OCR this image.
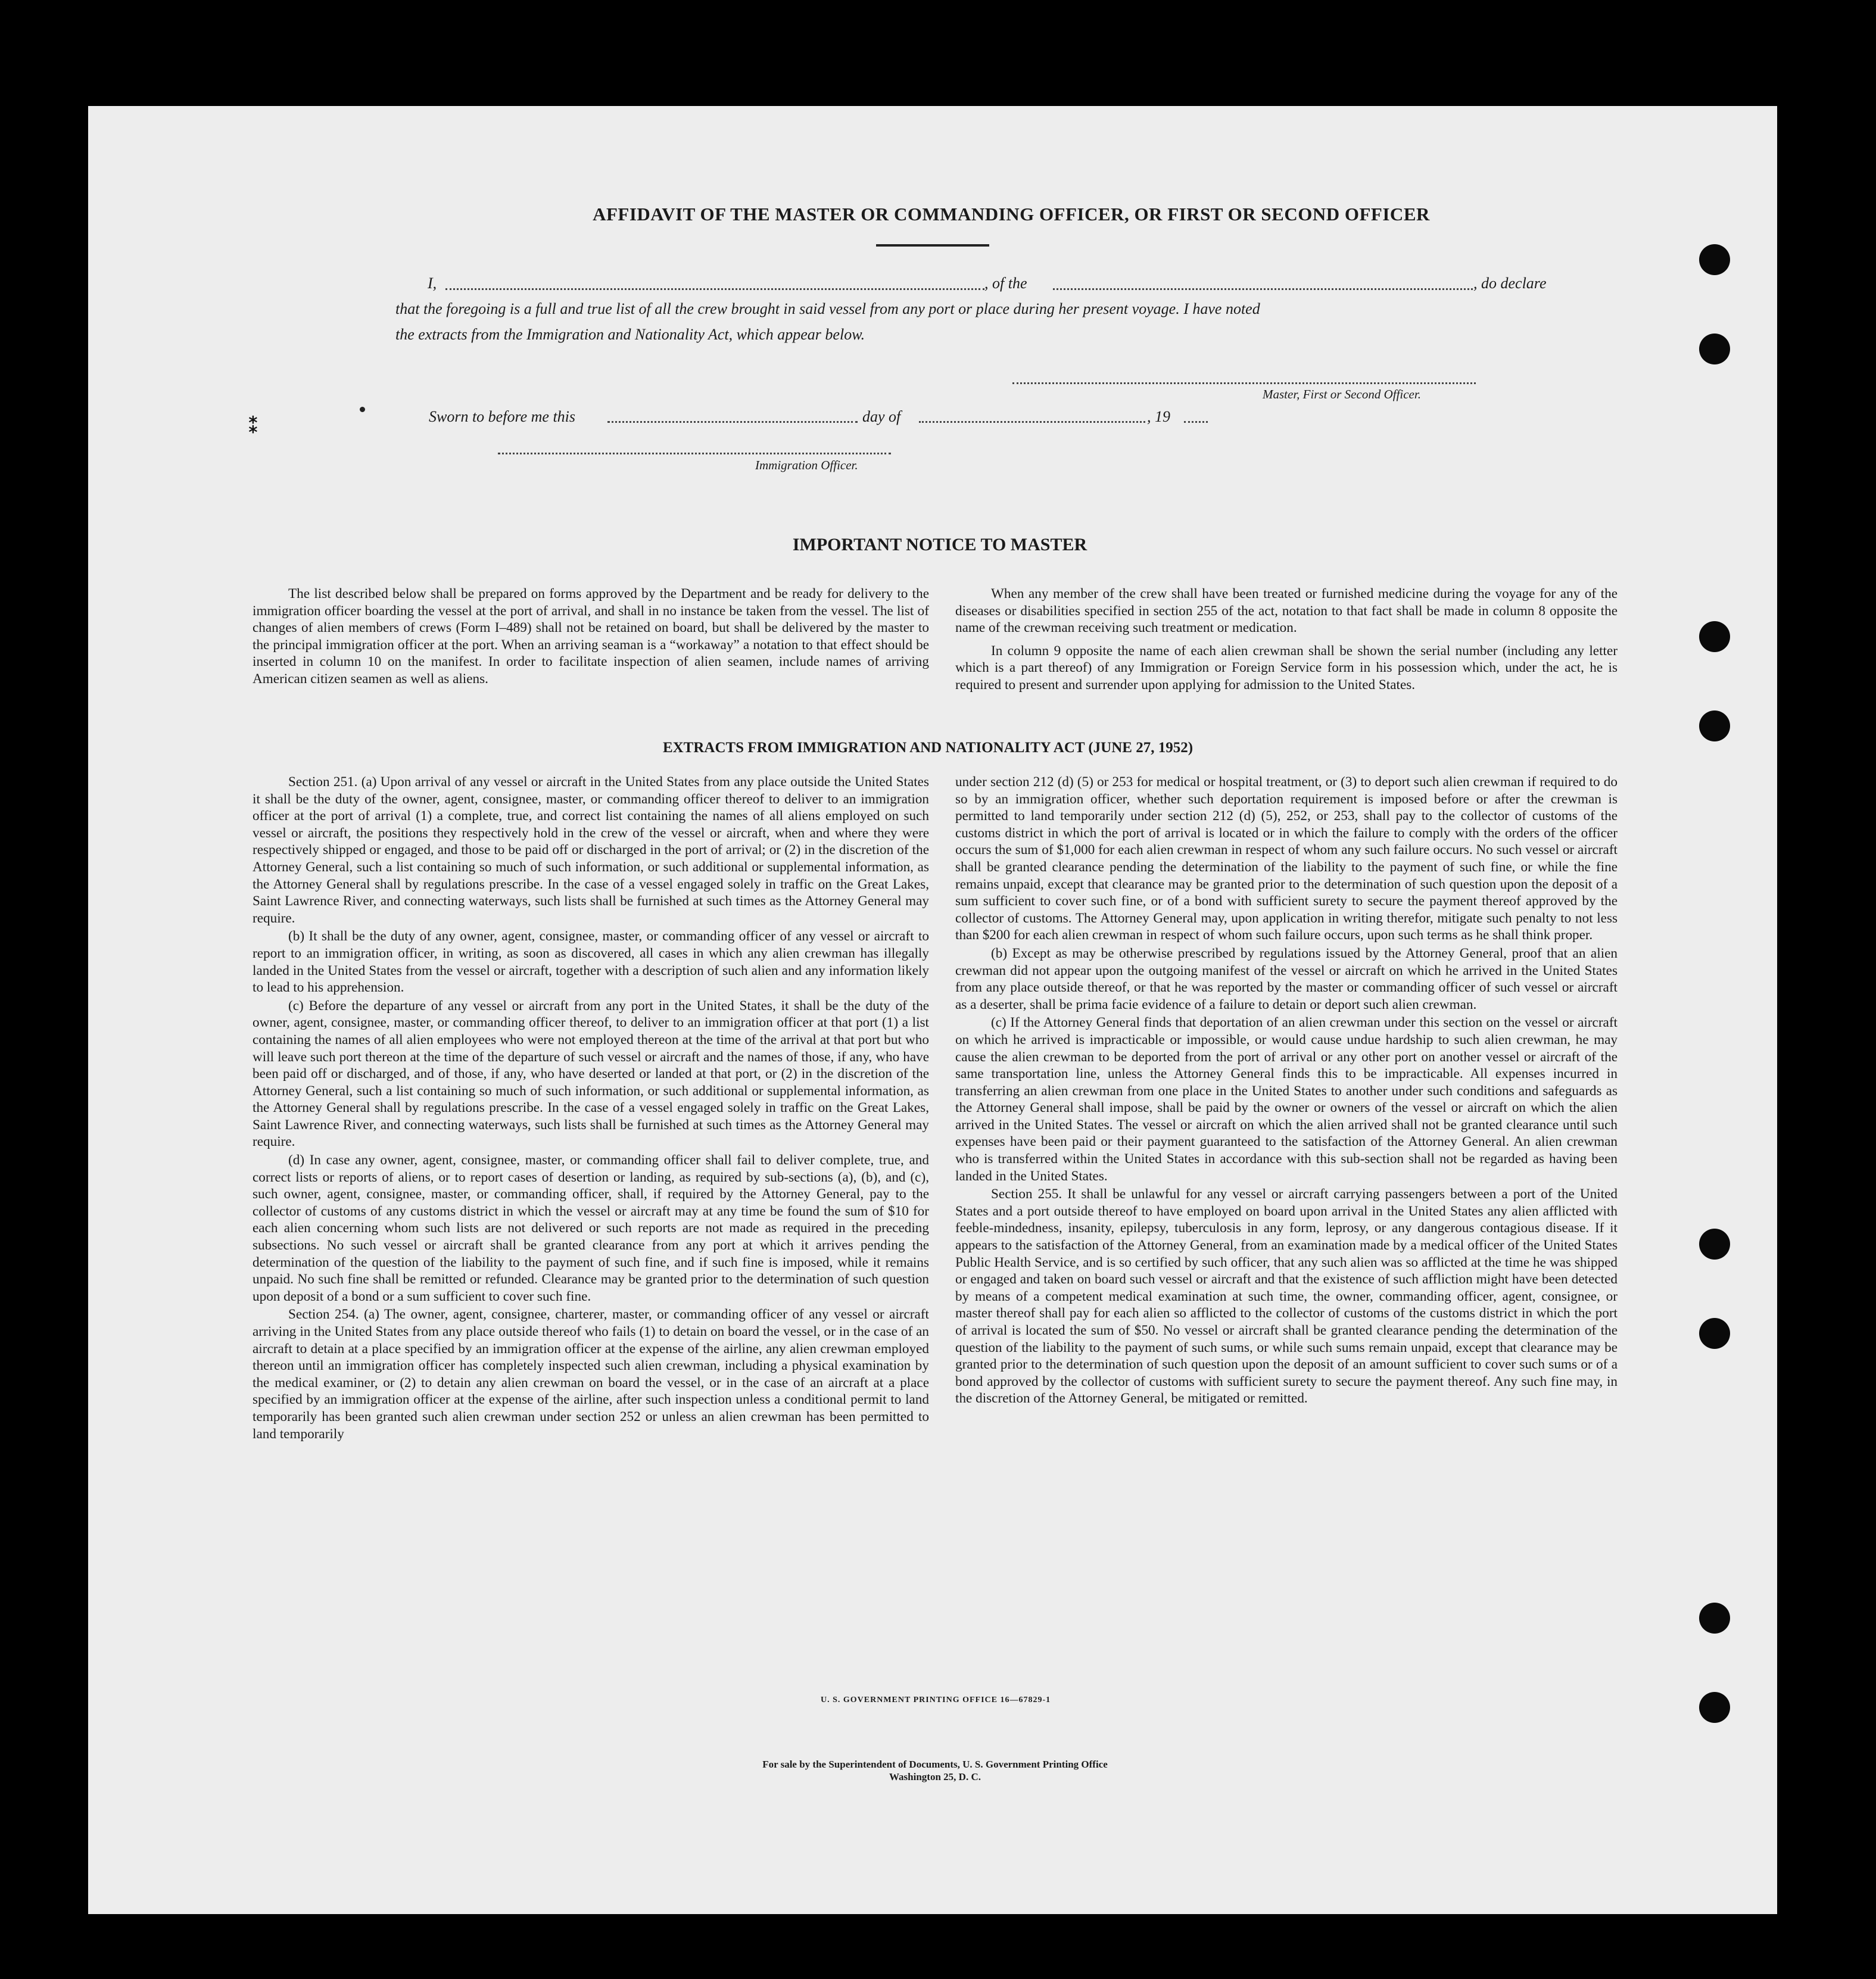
⁑
AFFIDAVIT OF THE MASTER OR COMMANDING OFFICER, OR FIRST OR SECOND OFFICER
I,	, of the	, do declare
that the foregoing is a full and true list of all the crew brought in said vessel from any port or place during her present voyage. I have noted
the extracts from the Immigration and Nationality Act, which appear below.
Master, First or Second Officer.
Sworn to before me this	day of	, 19
Immigration Officer.
IMPORTANT NOTICE TO MASTER

The list described below shall be prepared on forms approved by the Department and be ready for delivery to the immigration officer boarding the vessel at the port of arrival, and shall in no instance be taken from the vessel. The list of changes of alien members of crews (Form I–489) shall not be retained on board, but shall be delivered by the master to the principal immigration officer at the port. When an arriving seaman is a “workaway” a notation to that effect should be inserted in column 10 on the manifest. In order to facilitate inspection of alien seamen, include names of arriving American citizen seamen as well as aliens.

When any member of the crew shall have been treated or furnished medicine during the voyage for any of the diseases or disabilities specified in section 255 of the act, notation to that fact shall be made in column 8 opposite the name of the crewman receiving such treatment or medication.

In column 9 opposite the name of each alien crewman shall be shown the serial number (including any letter which is a part thereof) of any Immigration or Foreign Service form in his possession which, under the act, he is required to present and surrender upon applying for admission to the United States.

EXTRACTS FROM IMMIGRATION AND NATIONALITY ACT (JUNE 27, 1952)

Section 251. (a) Upon arrival of any vessel or aircraft in the United States from any place outside the United States it shall be the duty of the owner, agent, consignee, master, or commanding officer thereof to deliver to an immigration officer at the port of arrival (1) a complete, true, and correct list containing the names of all aliens employed on such vessel or aircraft, the positions they respectively hold in the crew of the vessel or aircraft, when and where they were respectively shipped or engaged, and those to be paid off or discharged in the port of arrival; or (2) in the discretion of the Attorney General, such a list containing so much of such information, or such additional or supplemental information, as the Attorney General shall by regulations prescribe. In the case of a vessel engaged solely in traffic on the Great Lakes, Saint Lawrence River, and connecting waterways, such lists shall be furnished at such times as the Attorney General may require.

(b) It shall be the duty of any owner, agent, consignee, master, or commanding officer of any vessel or aircraft to report to an immigration officer, in writing, as soon as discovered, all cases in which any alien crewman has illegally landed in the United States from the vessel or aircraft, together with a description of such alien and any information likely to lead to his apprehension.

(c) Before the departure of any vessel or aircraft from any port in the United States, it shall be the duty of the owner, agent, consignee, master, or commanding officer thereof, to deliver to an immigration officer at that port (1) a list containing the names of all alien employees who were not employed thereon at the time of the arrival at that port but who will leave such port thereon at the time of the departure of such vessel or aircraft and the names of those, if any, who have been paid off or discharged, and of those, if any, who have deserted or landed at that port, or (2) in the discretion of the Attorney General, such a list containing so much of such information, or such additional or supplemental information, as the Attorney General shall by regulations prescribe. In the case of a vessel engaged solely in traffic on the Great Lakes, Saint Lawrence River, and connecting waterways, such lists shall be furnished at such times as the Attorney General may require.

(d) In case any owner, agent, consignee, master, or commanding officer shall fail to deliver complete, true, and correct lists or reports of aliens, or to report cases of desertion or landing, as required by sub-sections (a), (b), and (c), such owner, agent, consignee, master, or commanding officer, shall, if required by the Attorney General, pay to the collector of customs of any customs district in which the vessel or aircraft may at any time be found the sum of $10 for each alien concerning whom such lists are not delivered or such reports are not made as required in the preceding subsections. No such vessel or aircraft shall be granted clearance from any port at which it arrives pending the determination of the question of the liability to the payment of such fine, and if such fine is imposed, while it remains unpaid. No such fine shall be remitted or refunded. Clearance may be granted prior to the determination of such question upon deposit of a bond or a sum sufficient to cover such fine.

Section 254. (a) The owner, agent, consignee, charterer, master, or commanding officer of any vessel or aircraft arriving in the United States from any place outside thereof who fails (1) to detain on board the vessel, or in the case of an aircraft to detain at a place specified by an immigration officer at the expense of the airline, any alien crewman employed thereon until an immigration officer has completely inspected such alien crewman, including a physical examination by the medical examiner, or (2) to detain any alien crewman on board the vessel, or in the case of an aircraft at a place specified by an immigration officer at the expense of the airline, after such inspection unless a conditional permit to land temporarily has been granted such alien crewman under section 252 or unless an alien crewman has been permitted to land temporarily

under section 212 (d) (5) or 253 for medical or hospital treatment, or (3) to deport such alien crewman if required to do so by an immigration officer, whether such deportation requirement is imposed before or after the crewman is permitted to land temporarily under section 212 (d) (5), 252, or 253, shall pay to the collector of customs of the customs district in which the port of arrival is located or in which the failure to comply with the orders of the officer occurs the sum of $1,000 for each alien crewman in respect of whom any such failure occurs. No such vessel or aircraft shall be granted clearance pending the determination of the liability to the payment of such fine, or while the fine remains unpaid, except that clearance may be granted prior to the determination of such question upon the deposit of a sum sufficient to cover such fine, or of a bond with sufficient surety to secure the payment thereof approved by the collector of customs. The Attorney General may, upon application in writing therefor, mitigate such penalty to not less than $200 for each alien crewman in respect of whom such failure occurs, upon such terms as he shall think proper.

(b) Except as may be otherwise prescribed by regulations issued by the Attorney General, proof that an alien crewman did not appear upon the outgoing manifest of the vessel or aircraft on which he arrived in the United States from any place outside thereof, or that he was reported by the master or commanding officer of such vessel or aircraft as a deserter, shall be prima facie evidence of a failure to detain or deport such alien crewman.

(c) If the Attorney General finds that deportation of an alien crewman under this section on the vessel or aircraft on which he arrived is impracticable or impossible, or would cause undue hardship to such alien crewman, he may cause the alien crewman to be deported from the port of arrival or any other port on another vessel or aircraft of the same transportation line, unless the Attorney General finds this to be impracticable. All expenses incurred in transferring an alien crewman from one place in the United States to another under such conditions and safeguards as the Attorney General shall impose, shall be paid by the owner or owners of the vessel or aircraft on which the alien arrived in the United States. The vessel or aircraft on which the alien arrived shall not be granted clearance until such expenses have been paid or their payment guaranteed to the satisfaction of the Attorney General. An alien crewman who is transferred within the United States in accordance with this sub-section shall not be regarded as having been landed in the United States.

Section 255. It shall be unlawful for any vessel or aircraft carrying passengers between a port of the United States and a port outside thereof to have employed on board upon arrival in the United States any alien afflicted with feeble-mindedness, insanity, epilepsy, tuberculosis in any form, leprosy, or any dangerous contagious disease. If it appears to the satisfaction of the Attorney General, from an examination made by a medical officer of the United States Public Health Service, and is so certified by such officer, that any such alien was so afflicted at the time he was shipped or engaged and taken on board such vessel or aircraft and that the existence of such affliction might have been detected by means of a competent medical examination at such time, the owner, commanding officer, agent, consignee, or master thereof shall pay for each alien so afflicted to the collector of customs of the customs district in which the port of arrival is located the sum of $50. No vessel or aircraft shall be granted clearance pending the determination of the question of the liability to the payment of such sums, or while such sums remain unpaid, except that clearance may be granted prior to the determination of such question upon the deposit of an amount sufficient to cover such sums or of a bond approved by the collector of customs with sufficient surety to secure the payment thereof. Any such fine may, in the discretion of the Attorney General, be mitigated or remitted.

U. S. GOVERNMENT PRINTING OFFICE 16—67829-1
For sale by the Superintendent of Documents, U. S. Government Printing Office
Washington 25, D. C.
